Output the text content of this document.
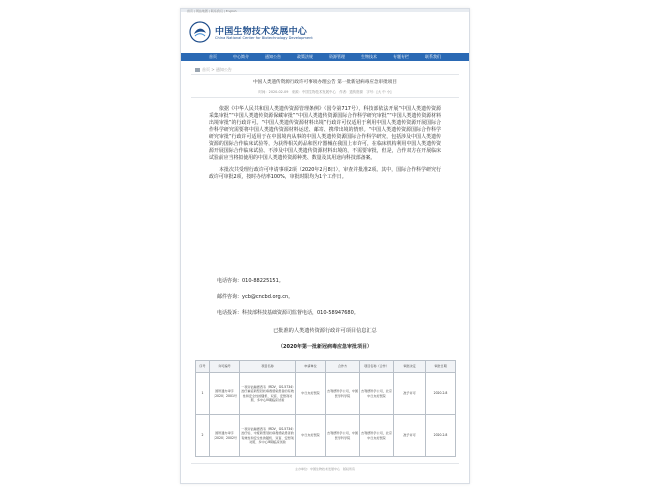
首页 | 网站地图 | 联系我们 | English
中国生物技术发展中心
China National Center for Biotechnology Development
首页	中心简介	通知公告	政策法规	资源管理	生物技术	专题专栏	联系我们
首页 > 通知公告
中国人类遗传资源行政许可事项办理公告 第一批新冠病毒应急审批项目
时间：2020-02-09　来源：中国生物技术发展中心　作者：遗传资源　字号：[大 中 小]

依据《中华人民共和国人类遗传资源管理条例》（国令第717号），科技部依法开展“中国人类遗传资源采集审批”“中国人类遗传资源保藏审批”“中国人类遗传资源国际合作科学研究审批”“中国人类遗传资源材料出境审批”的行政许可。“中国人类遗传资源材料出境”行政许可仅适用于利用中国人类遗传资源开展国际合作科学研究需要将中国人类遗传资源材料运送、邮寄、携带出境的情形。“中国人类遗传资源国际合作科学研究审批”行政许可适用于在中国境内从事的中国人类遗传资源国际合作科学研究，包括涉及中国人类遗传资源的国际合作临床试验等，为获得相关药品和医疗器械在我国上市许可，在临床机构利用中国人类遗传资源开展国际合作临床试验、不涉及中国人类遗传资源材料出境的，不需要审批，但是，合作双方在开展临床试验前应当将拟使用的中国人类遗传资源种类、数量及其用途向科技部备案。

本批次共受理行政许可申请事项2项（2020年2月8日），审查并批准2项。其中，国际合作科学研究行政许可审批2项，按时办结率100%，审批时限均为1个工作日。

电话咨询：010-88225151。
邮件咨询：ycb@cncbd.org.cn。
电话投诉：科技部科技基础资源司监督电话，010-58947680。
已批准的人类遗传资源行政许可项目信息汇总
（2020年第一批新冠病毒应急审批项目）
序号	许可编号	项目名称	申请单位	合作方	项目名称（合作）	审批决定	审批日期
1	国科遗办审字〔2020〕2001号	一项评估瑞德西韦（RDV，GS-5734）治疗重症新型冠状病毒感染患者的有效性和安全性的随机、双盲、安慰剂对照、多中心III期临床试验	中日友好医院	吉利德科学公司，中国医学科学院	吉利德科学公司，北京中日友好医院	准予许可	2020.2.8
2	国科遗办审字〔2020〕2002号	一项评估瑞德西韦（RDV，GS-5734）治疗轻、中度新型冠状病毒感染患者的有效性和安全性的随机、双盲、安慰剂对照、多中心III期临床试验	中日友好医院	吉利德科学公司，中国医学科学院	吉利德科学公司，北京中日友好医院	准予许可	2020.2.8
主办单位：中国生物技术发展中心　版权所有
